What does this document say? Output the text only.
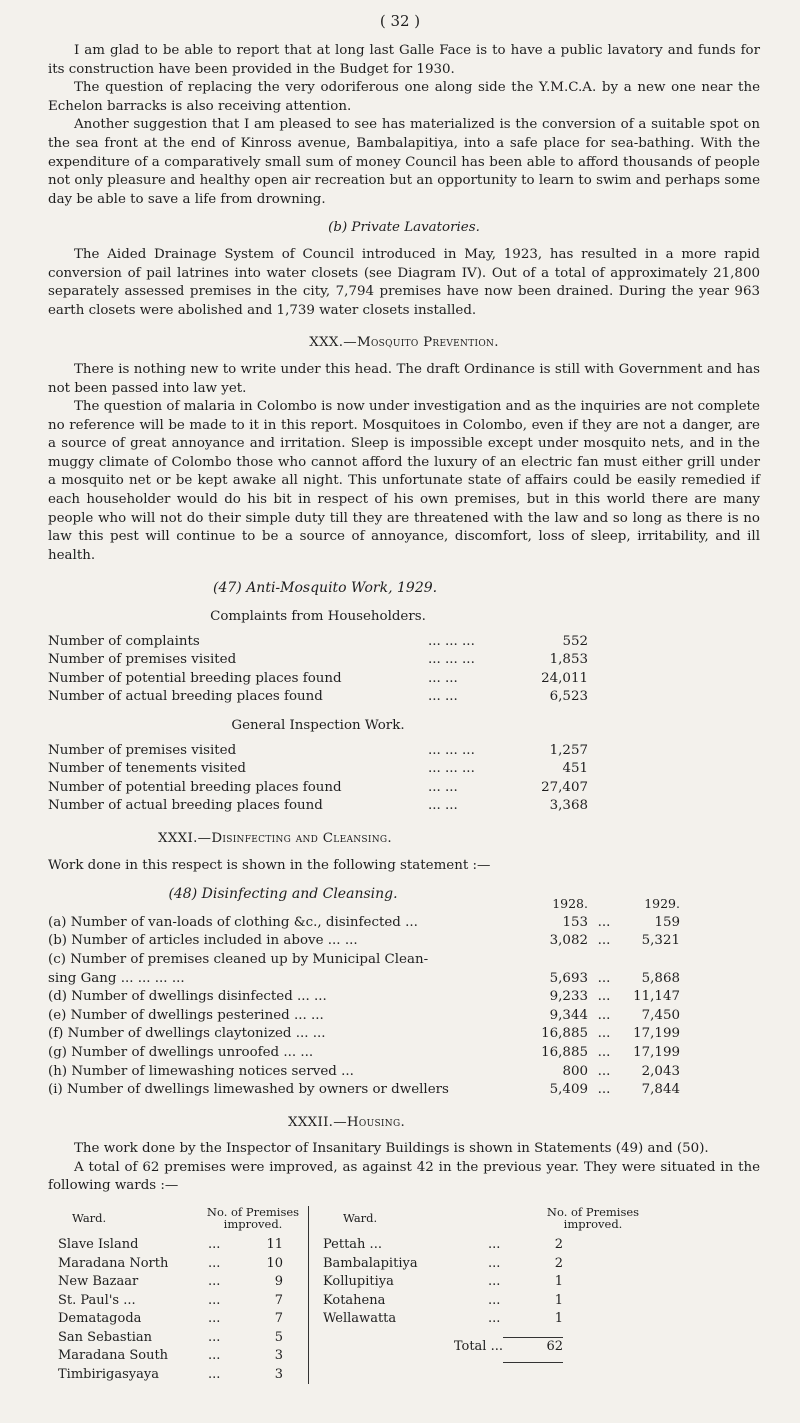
( 32 )

I am glad to be able to report that at long last Galle Face is to have a public lavatory and funds for its construction have been provided in the Budget for 1930.

The question of replacing the very odoriferous one along side the Y.M.C.A. by a new one near the Echelon barracks is also receiving attention.

Another suggestion that I am pleased to see has materialized is the conversion of a suitable spot on the sea front at the end of Kinross avenue, Bambalapitiya, into a safe place for sea-bathing. With the expenditure of a comparatively small sum of money Council has been able to afford thousands of people not only pleasure and healthy open air recreation but an opportunity to learn to swim and perhaps some day be able to save a life from drowning.

(b) Private Lavatories.

The Aided Drainage System of Council introduced in May, 1923, has resulted in a more rapid conversion of pail latrines into water closets (see Diagram IV). Out of a total of approximately 21,800 separately assessed premises in the city, 7,794 premises have now been drained. During the year 963 earth closets were abolished and 1,739 water closets installed.

XXX.—Mosquito Prevention.

There is nothing new to write under this head. The draft Ordinance is still with Government and has not been passed into law yet.

The question of malaria in Colombo is now under investigation and as the inquiries are not complete no reference will be made to it in this report. Mosquitoes in Colombo, even if they are not a danger, are a source of great annoyance and irritation. Sleep is impossible except under mosquito nets, and in the muggy climate of Colombo those who cannot afford the luxury of an electric fan must either grill under a mosquito net or be kept awake all night. This unfortunate state of affairs could be easily remedied if each householder would do his bit in respect of his own premises, but in this world there are many people who will not do their simple duty till they are threatened with the law and so long as there is no law this pest will continue to be a source of annoyance, discomfort, loss of sleep, irritability, and ill health.

(47) Anti-Mosquito Work, 1929.
Complaints from Householders.
Number of complaints	... ... ...	552
Number of premises visited	... ... ...	1,853
Number of potential breeding places found	... ...	24,011
Number of actual breeding places found	... ...	6,523
General Inspection Work.
Number of premises visited	... ... ...	1,257
Number of tenements visited	... ... ...	451
Number of potential breeding places found	... ...	27,407
Number of actual breeding places found	... ...	3,368
XXXI.—Disinfecting and Cleansing.

Work done in this respect is shown in the following statement :—

(48) Disinfecting and Cleansing.
1928.	1929.
(a) Number of van-loads of clothing &c., disinfected ...	153 ...	159
(b) Number of articles included in above ... ...	3,082 ...	5,321
(c) Number of premises cleaned up by Municipal Clean-
sing Gang ... ... ... ...	5,693 ...	5,868
(d) Number of dwellings disinfected ... ...	9,233 ...	11,147
(e) Number of dwellings pesterined ... ...	9,344 ...	7,450
(f) Number of dwellings claytonized ... ...	16,885 ...	17,199
(g) Number of dwellings unroofed ... ...	16,885 ...	17,199
(h) Number of limewashing notices served ...	800 ...	2,043
(i) Number of dwellings limewashed by owners or dwellers	5,409 ...	7,844
XXXII.—Housing.

The work done by the Inspector of Insanitary Buildings is shown in Statements (49) and (50).

A total of 62 premises were improved, as against 42 in the previous year. They were situated in the following wards :—

Ward.	No. of Premises improved.
Slave Island	...	11
Maradana North	...	10
New Bazaar	...	9
St. Paul's ...	...	7
Dematagoda	...	7
San Sebastian	...	5
Maradana South	...	3
Timbirigasyaya	...	3
Ward.	No. of Premises improved.
Pettah ...	...	2
Bambalapitiya	...	2
Kollupitiya	...	1
Kotahena	...	1
Wellawatta	...	1
Total ...	62
